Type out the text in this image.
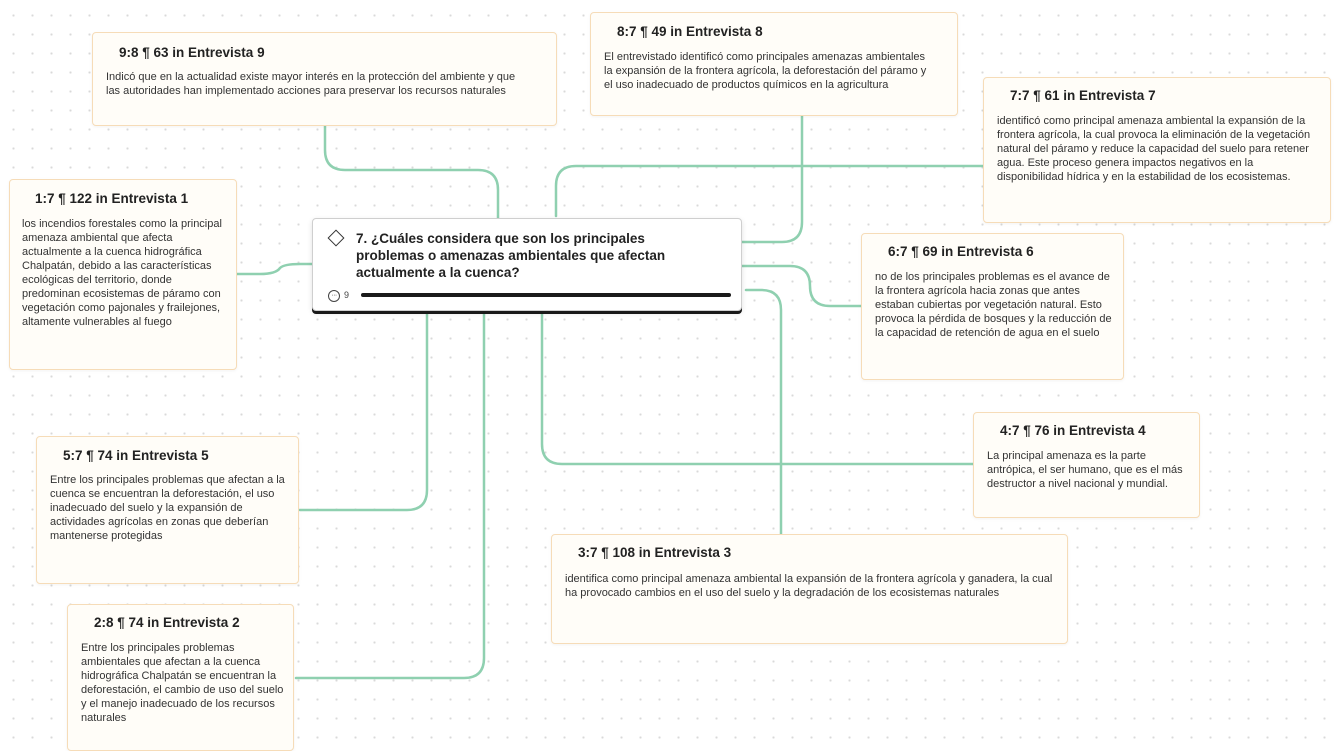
9:8 ¶ 63 in Entrevista 9
Indicó que en la actualidad existe mayor interés en la protección del ambiente y que las autoridades han implementado acciones para preservar los recursos naturales
8:7 ¶ 49 in Entrevista 8
El entrevistado identificó como principales amenazas ambientales la expansión de la frontera agrícola, la deforestación del páramo y el uso inadecuado de productos químicos en la agricultura
7:7 ¶ 61 in Entrevista 7
identificó como principal amenaza ambiental la expansión de la frontera agrícola, la cual provoca la eliminación de la vegetación natural del páramo y reduce la capacidad del suelo para retener agua. Este proceso genera impactos negativos en la disponibilidad hídrica y en la estabilidad de los ecosistemas.
1:7 ¶ 122 in Entrevista 1
los incendios forestales como la principal amenaza ambiental que afecta actualmente a la cuenca hidrográfica Chalpatán, debido a las características ecológicas del territorio, donde predominan ecosistemas de páramo con vegetación como pajonales y frailejones, altamente vulnerables al fuego
7. ¿Cuáles considera que son los principales problemas o amenazas ambientales que afectan actualmente a la cuenca?
··· 9
6:7 ¶ 69 in Entrevista 6
no de los principales problemas es el avance de la frontera agrícola hacia zonas que antes estaban cubiertas por vegetación natural. Esto provoca la pérdida de bosques y la reducción de la capacidad de retención de agua en el suelo
4:7 ¶ 76 in Entrevista 4
La principal amenaza es la parte antrópica, el ser humano, que es el más destructor a nivel nacional y mundial.
5:7 ¶ 74 in Entrevista 5
Entre los principales problemas que afectan a la cuenca se encuentran la deforestación, el uso inadecuado del suelo y la expansión de actividades agrícolas en zonas que deberían mantenerse protegidas
3:7 ¶ 108 in Entrevista 3
identifica como principal amenaza ambiental la expansión de la frontera agrícola y ganadera, la cual ha provocado cambios en el uso del suelo y la degradación de los ecosistemas naturales
2:8 ¶ 74 in Entrevista 2
Entre los principales problemas ambientales que afectan a la cuenca hidrográfica Chalpatán se encuentran la deforestación, el cambio de uso del suelo y el manejo inadecuado de los recursos naturales
